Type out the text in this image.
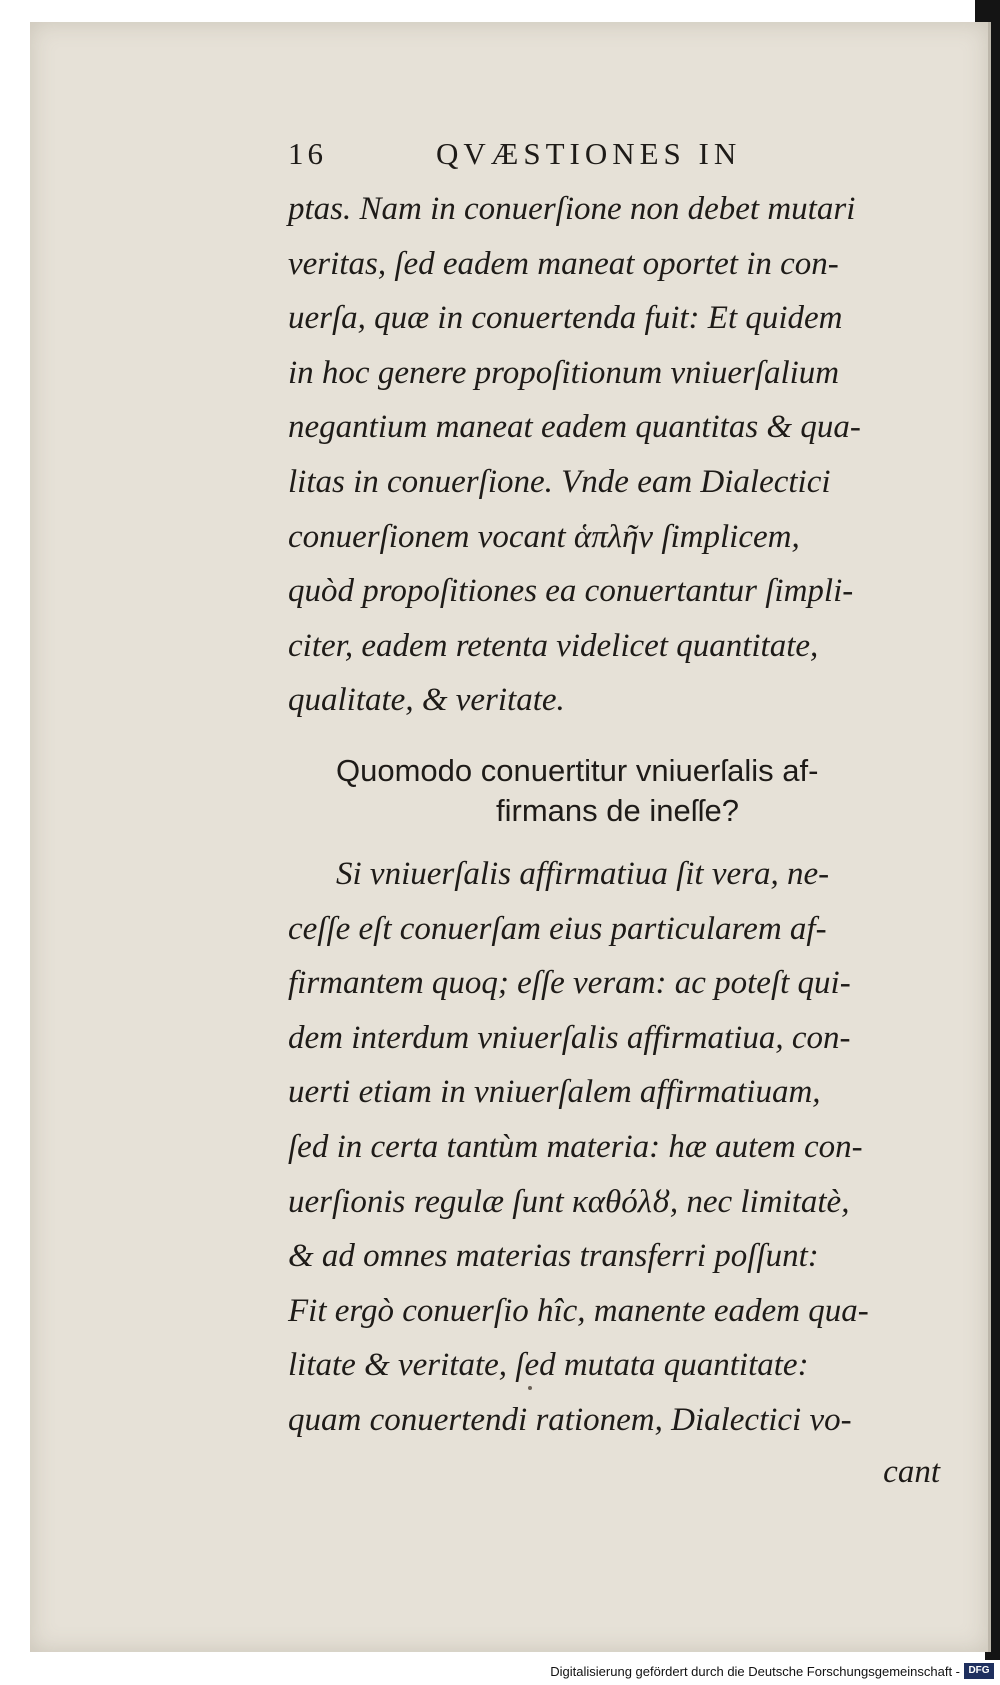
16	QVÆSTIONES IN
ptas. Nam in conuerſione non debet mutari
veritas, ſed eadem maneat oportet in con-
uerſa, quæ in conuertenda fuit: Et quidem
in hoc genere propoſitionum vniuerſalium
negantium maneat eadem quantitas & qua-
litas in conuerſione. Vnde eam Dialectici
conuerſionem vocant ἁπλῆν ſimplicem,
quòd propoſitiones ea conuertantur ſimpli-
citer, eadem retenta videlicet quantitate,
qualitate, & veritate.
Quomodo conuertitur vniuerſalis af-
firmans de ineſſe?
Si vniuerſalis affirmatiua ſit vera, ne-
ceſſe eſt conuerſam eius particularem af-
firmantem quoq; eſſe veram: ac poteſt qui-
dem interdum vniuerſalis affirmatiua, con-
uerti etiam in vniuerſalem affirmatiuam,
ſed in certa tantùm materia: hæ autem con-
uerſionis regulæ ſunt καθόλȣ, nec limitatè,
& ad omnes materias transferri poſſunt:
Fit ergò conuerſio hîc, manente eadem qua-
litate & veritate, ſed mutata quantitate:
quam conuertendi rationem, Dialectici vo-
cant
Digitalisierung gefördert durch die Deutsche Forschungsgemeinschaft - DFG
